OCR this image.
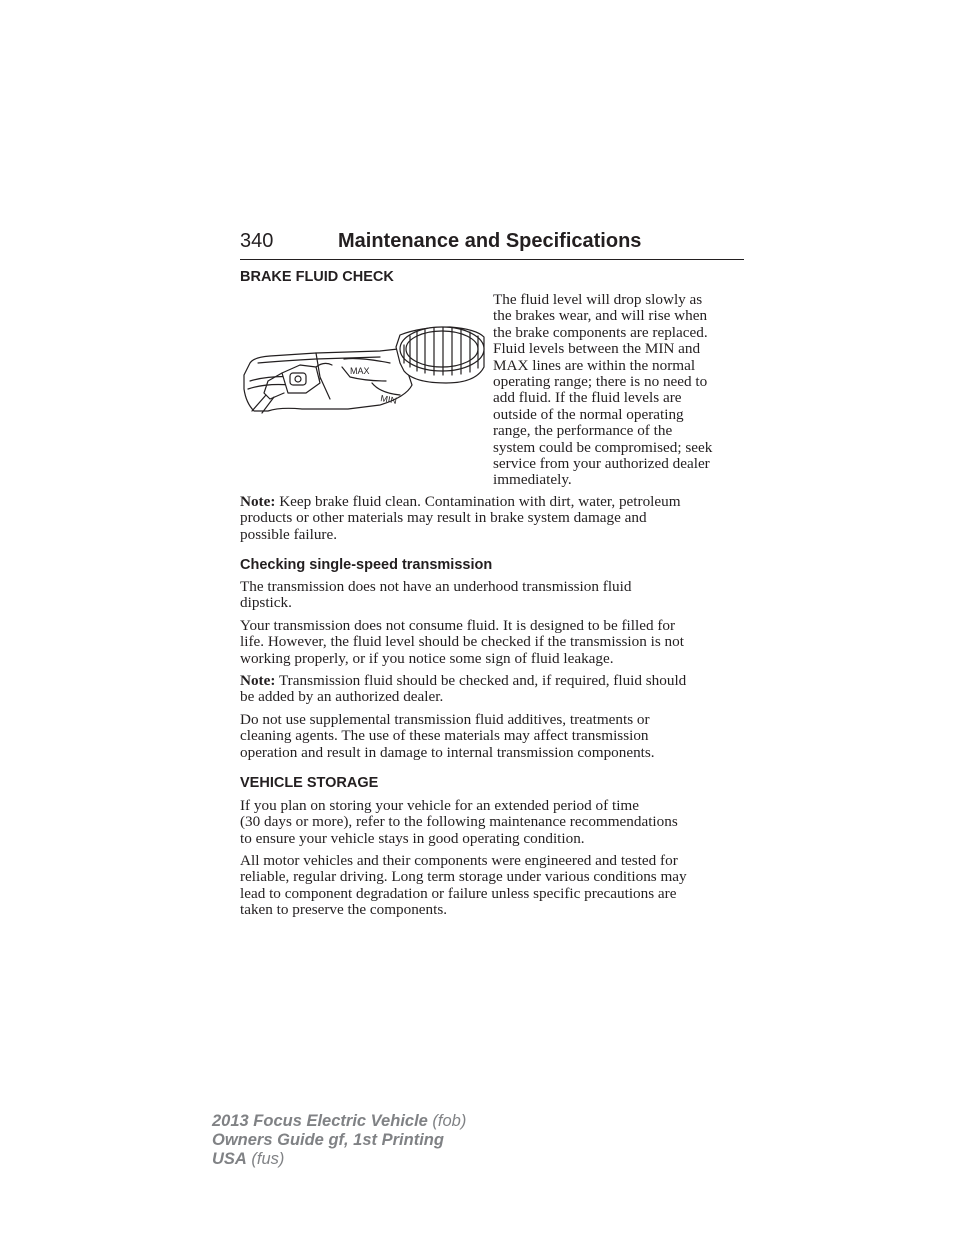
340	Maintenance and Specifications
BRAKE FLUID CHECK
MAX
MIN

The fluid level will drop slowly as
the brakes wear, and will rise when
the brake components are replaced.
Fluid levels between the MIN and
MAX lines are within the normal
operating range; there is no need to
add fluid. If the fluid levels are
outside of the normal operating
range, the performance of the
system could be compromised; seek
service from your authorized dealer
immediately.

Note: Keep brake fluid clean. Contamination with dirt, water, petroleum
products or other materials may result in brake system damage and
possible failure.

Checking single-speed transmission

The transmission does not have an underhood transmission fluid
dipstick.

Your transmission does not consume fluid. It is designed to be filled for
life. However, the fluid level should be checked if the transmission is not
working properly, or if you notice some sign of fluid leakage.

Note: Transmission fluid should be checked and, if required, fluid should
be added by an authorized dealer.

Do not use supplemental transmission fluid additives, treatments or
cleaning agents. The use of these materials may affect transmission
operation and result in damage to internal transmission components.

VEHICLE STORAGE

If you plan on storing your vehicle for an extended period of time
(30 days or more), refer to the following maintenance recommendations
to ensure your vehicle stays in good operating condition.

All motor vehicles and their components were engineered and tested for
reliable, regular driving. Long term storage under various conditions may
lead to component degradation or failure unless specific precautions are
taken to preserve the components.

2013 Focus Electric Vehicle (fob)
Owners Guide gf, 1st Printing
USA (fus)
